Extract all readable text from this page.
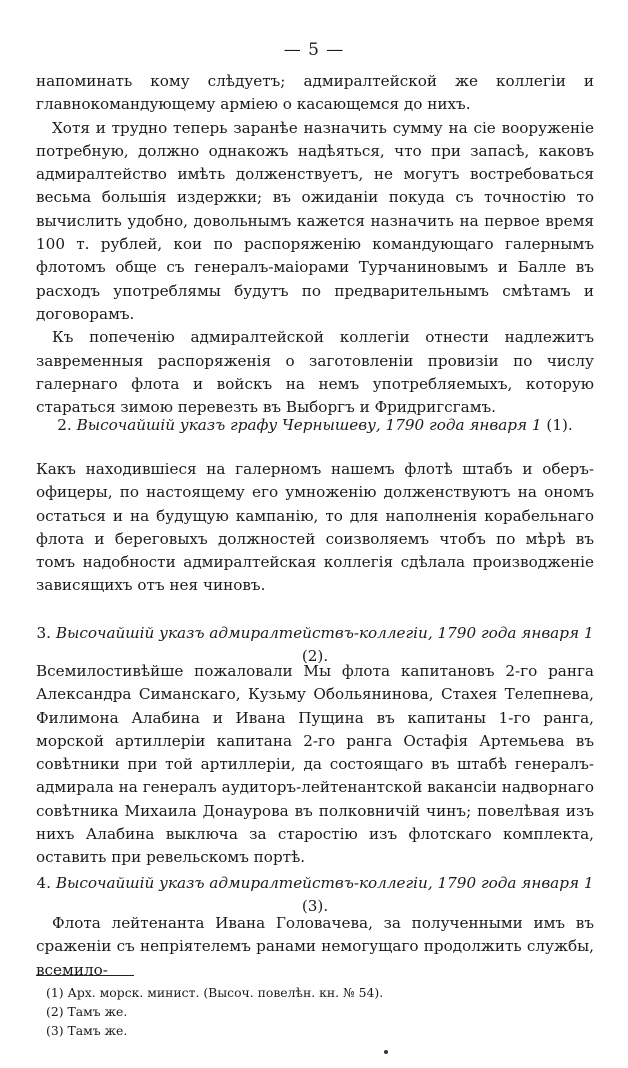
— 5 —

напоминать кому слѣдуетъ; адмиралтейской же коллегіи и главнокомандующему арміею о касающемся до нихъ.

Хотя и трудно теперь заранѣе назначить сумму на сіе вооруженіе потребную, должно однакожъ надѣяться, что при запасѣ, каковъ адмиралтейство имѣть долженствуетъ, не могутъ востребоваться весьма большія издержки; въ ожиданіи покуда съ точностію то вычислить удобно, довольнымъ кажется назначить на первое время 100 т. рублей, кои по распоряженію командующаго галернымъ флотомъ обще съ генералъ-маіорами Турчаниновымъ и Балле въ расходъ употреблямы будутъ по предварительнымъ смѣтамъ и договорамъ.

Къ попеченію адмиралтейской коллегіи отнести надлежитъ завременныя распоряженія о заготовленіи провизіи по числу галернаго флота и войскъ на немъ употребляемыхъ, которую стараться зимою перевезть въ Выборгъ и Фридригсгамъ.

2. Высочайшій указъ графу Чернышеву, 1790 года января 1 (1).

Какъ находившіеся на галерномъ нашемъ флотѣ штабъ и оберъ-офицеры, по настоящему его умноженію долженствуютъ на ономъ остаться и на будущую кампанію, то для наполненія корабельнаго флота и береговыхъ должностей соизволяемъ чтобъ по мѣрѣ въ томъ надобности адмиралтейская коллегія сдѣлала производженіе зависящихъ отъ нея чиновъ.

3. Высочайшій указъ адмиралтействъ-коллегіи, 1790 года января 1 (2).

Всемилостивѣйше пожаловали Мы флота капитановъ 2-го ранга Александра Симанскаго, Кузьму Обольянинова, Стахея Телепнева, Филимона Алабина и Ивана Пущина въ капитаны 1-го ранга, морской артиллеріи капитана 2-го ранга Остафія Артемьева въ совѣтники при той артиллеріи, да состоящаго въ штабѣ генералъ-адмирала на генералъ аудиторъ-лейтенантской вакансіи надворнаго совѣтника Михаила Донаурова въ полковничій чинъ; повелѣвая изъ нихъ Алабина выключа за старостію изъ флотскаго комплекта, оставить при ревельскомъ портѣ.

4. Высочайшій указъ адмиралтействъ-коллегіи, 1790 года января 1 (3).

Флота лейтенанта Ивана Головачева, за полученными имъ въ сраженіи съ непріятелемъ ранами немогущаго продолжить службы, всемило-

(1) Арх. морск. минист. (Высоч. повелѣн. кн. № 54).

(2) Тамъ же.

(3) Тамъ же.
